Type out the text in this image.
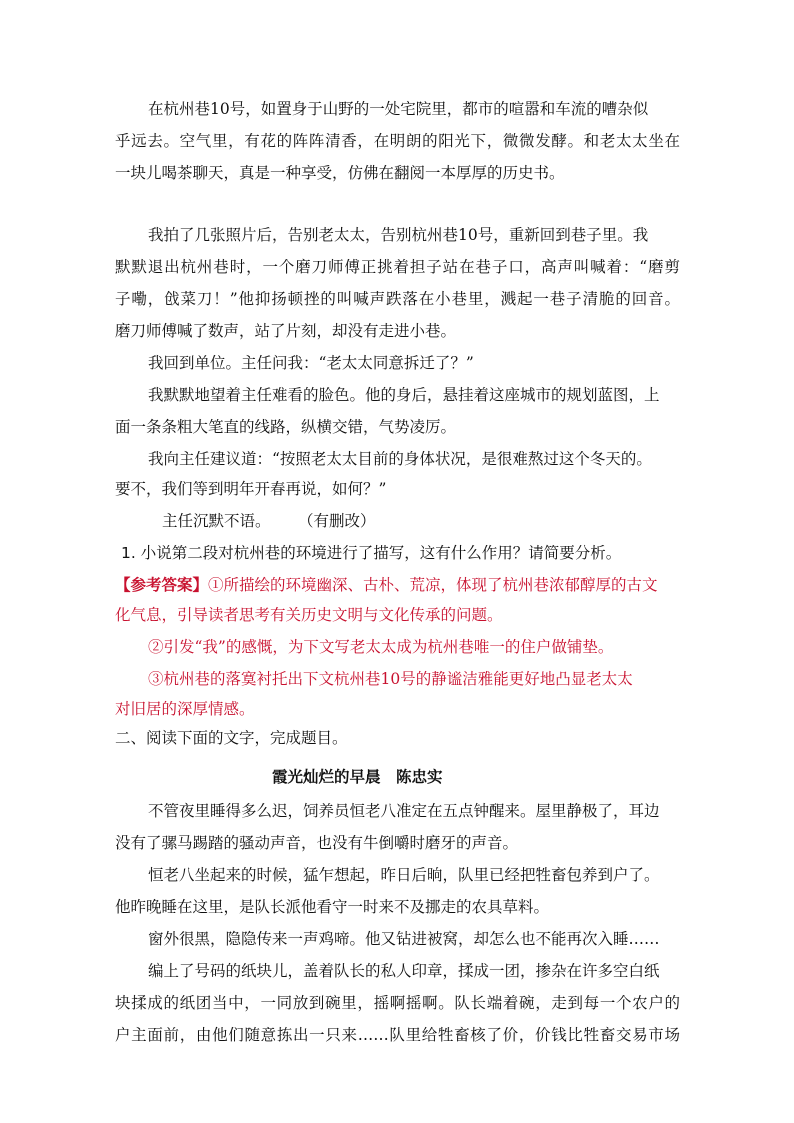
在杭州巷10号，如置身于山野的一处宅院里，都市的喧嚣和车流的嘈杂似
乎远去。空气里，有花的阵阵清香，在明朗的阳光下，微微发酵。和老太太坐在
一块儿喝茶聊天，真是一种享受，仿佛在翻阅一本厚厚的历史书。
我拍了几张照片后，告别老太太，告别杭州巷10号，重新回到巷子里。我
默默退出杭州巷时，一个磨刀师傅正挑着担子站在巷子口，高声叫喊着：“磨剪
子嘞，戗菜刀！”他抑扬顿挫的叫喊声跌落在小巷里，溅起一巷子清脆的回音。
磨刀师傅喊了数声，站了片刻，却没有走进小巷。
我回到单位。主任问我：“老太太同意拆迁了？”
我默默地望着主任难看的脸色。他的身后，悬挂着这座城市的规划蓝图，上
面一条条粗大笔直的线路，纵横交错，气势凌厉。
我向主任建议道：“按照老太太目前的身体状况，是很难熬过这个冬天的。
要不，我们等到明年开春再说，如何？”
主任沉默不语。	（有删改）
1. 小说第二段对杭州巷的环境进行了描写，这有什么作用？请简要分析。
【参考答案】①所描绘的环境幽深、古朴、荒凉，体现了杭州巷浓郁醇厚的古文
化气息，引导读者思考有关历史文明与文化传承的问题。
②引发“我”的感慨，为下文写老太太成为杭州巷唯一的住户做铺垫。
③杭州巷的落寞衬托出下文杭州巷10号的静谧洁雅能更好地凸显老太太
对旧居的深厚情感。
二、阅读下面的文字，完成题目。
霞光灿烂的早晨　陈忠实
不管夜里睡得多么迟，饲养员恒老八准定在五点钟醒来。屋里静极了，耳边
没有了骡马踢踏的骚动声音，也没有牛倒嚼时磨牙的声音。
恒老八坐起来的时候，猛乍想起，昨日后晌，队里已经把牲畜包养到户了。
他昨晚睡在这里，是队长派他看守一时来不及挪走的农具草料。
窗外很黑，隐隐传来一声鸡啼。他又钻进被窝，却怎么也不能再次入睡……
编上了号码的纸块儿，盖着队长的私人印章，揉成一团，掺杂在许多空白纸
块揉成的纸团当中，一同放到碗里，摇啊摇啊。队长端着碗，走到每一个农户的
户主面前，由他们随意拣出一只来……队里给牲畜核了价，价钱比牲畜交易市场
